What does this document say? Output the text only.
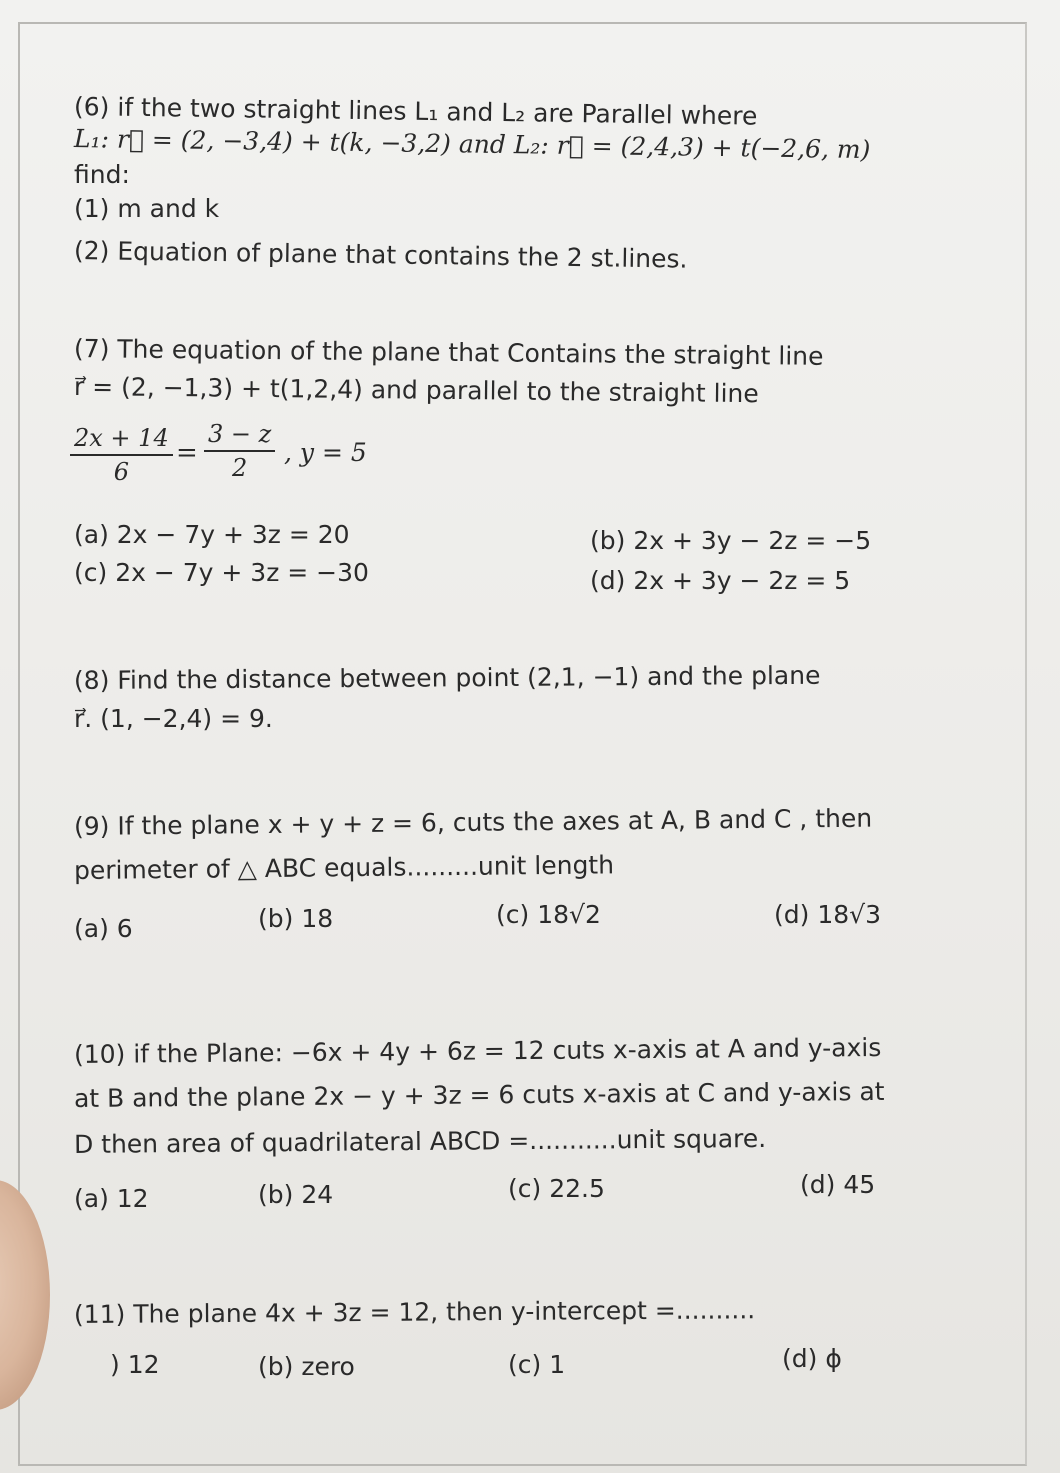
(6) if the two straight lines L₁ and L₂ are Parallel where
L₁: r⃗ = (2, −3,4) + t(k, −3,2) and L₂: r⃗ = (2,4,3) + t(−2,6, m)
find:
(1) m and k
(2) Equation of plane that contains the 2 st.lines.
(7) The equation of the plane that Contains the straight line
r⃗ = (2, −1,3) + t(1,2,4) and parallel to the straight line
$\frac{2x + 14}{6} = \frac{3 - z}{2}$ , y = 5
(a) 2x − 7y + 3z = 20	(b) 2x + 3y − 2z = −5
(c) 2x − 7y + 3z = −30	(d) 2x + 3y − 2z = 5
(8) Find the distance between point (2,1, −1) and the plane
r⃗. (1, −2,4) = 9.
(9) If the plane x + y + z = 6, cuts the axes at A, B and C , then
perimeter of △ ABC equals.........unit length
(a) 6	(b) 18	(c) 18√2	(d) 18√3
(10) if the Plane: −6x + 4y + 6z = 12 cuts x-axis at A and y-axis
at B and the plane 2x − y + 3z = 6 cuts x-axis at C and y-axis at
D then area of quadrilateral ABCD =...........unit square.
(a) 12	(b) 24	(c) 22.5	(d) 45
(11) The plane 4x + 3z = 12, then y-intercept =..........
) 12	(b) zero	(c) 1	(d) ϕ
